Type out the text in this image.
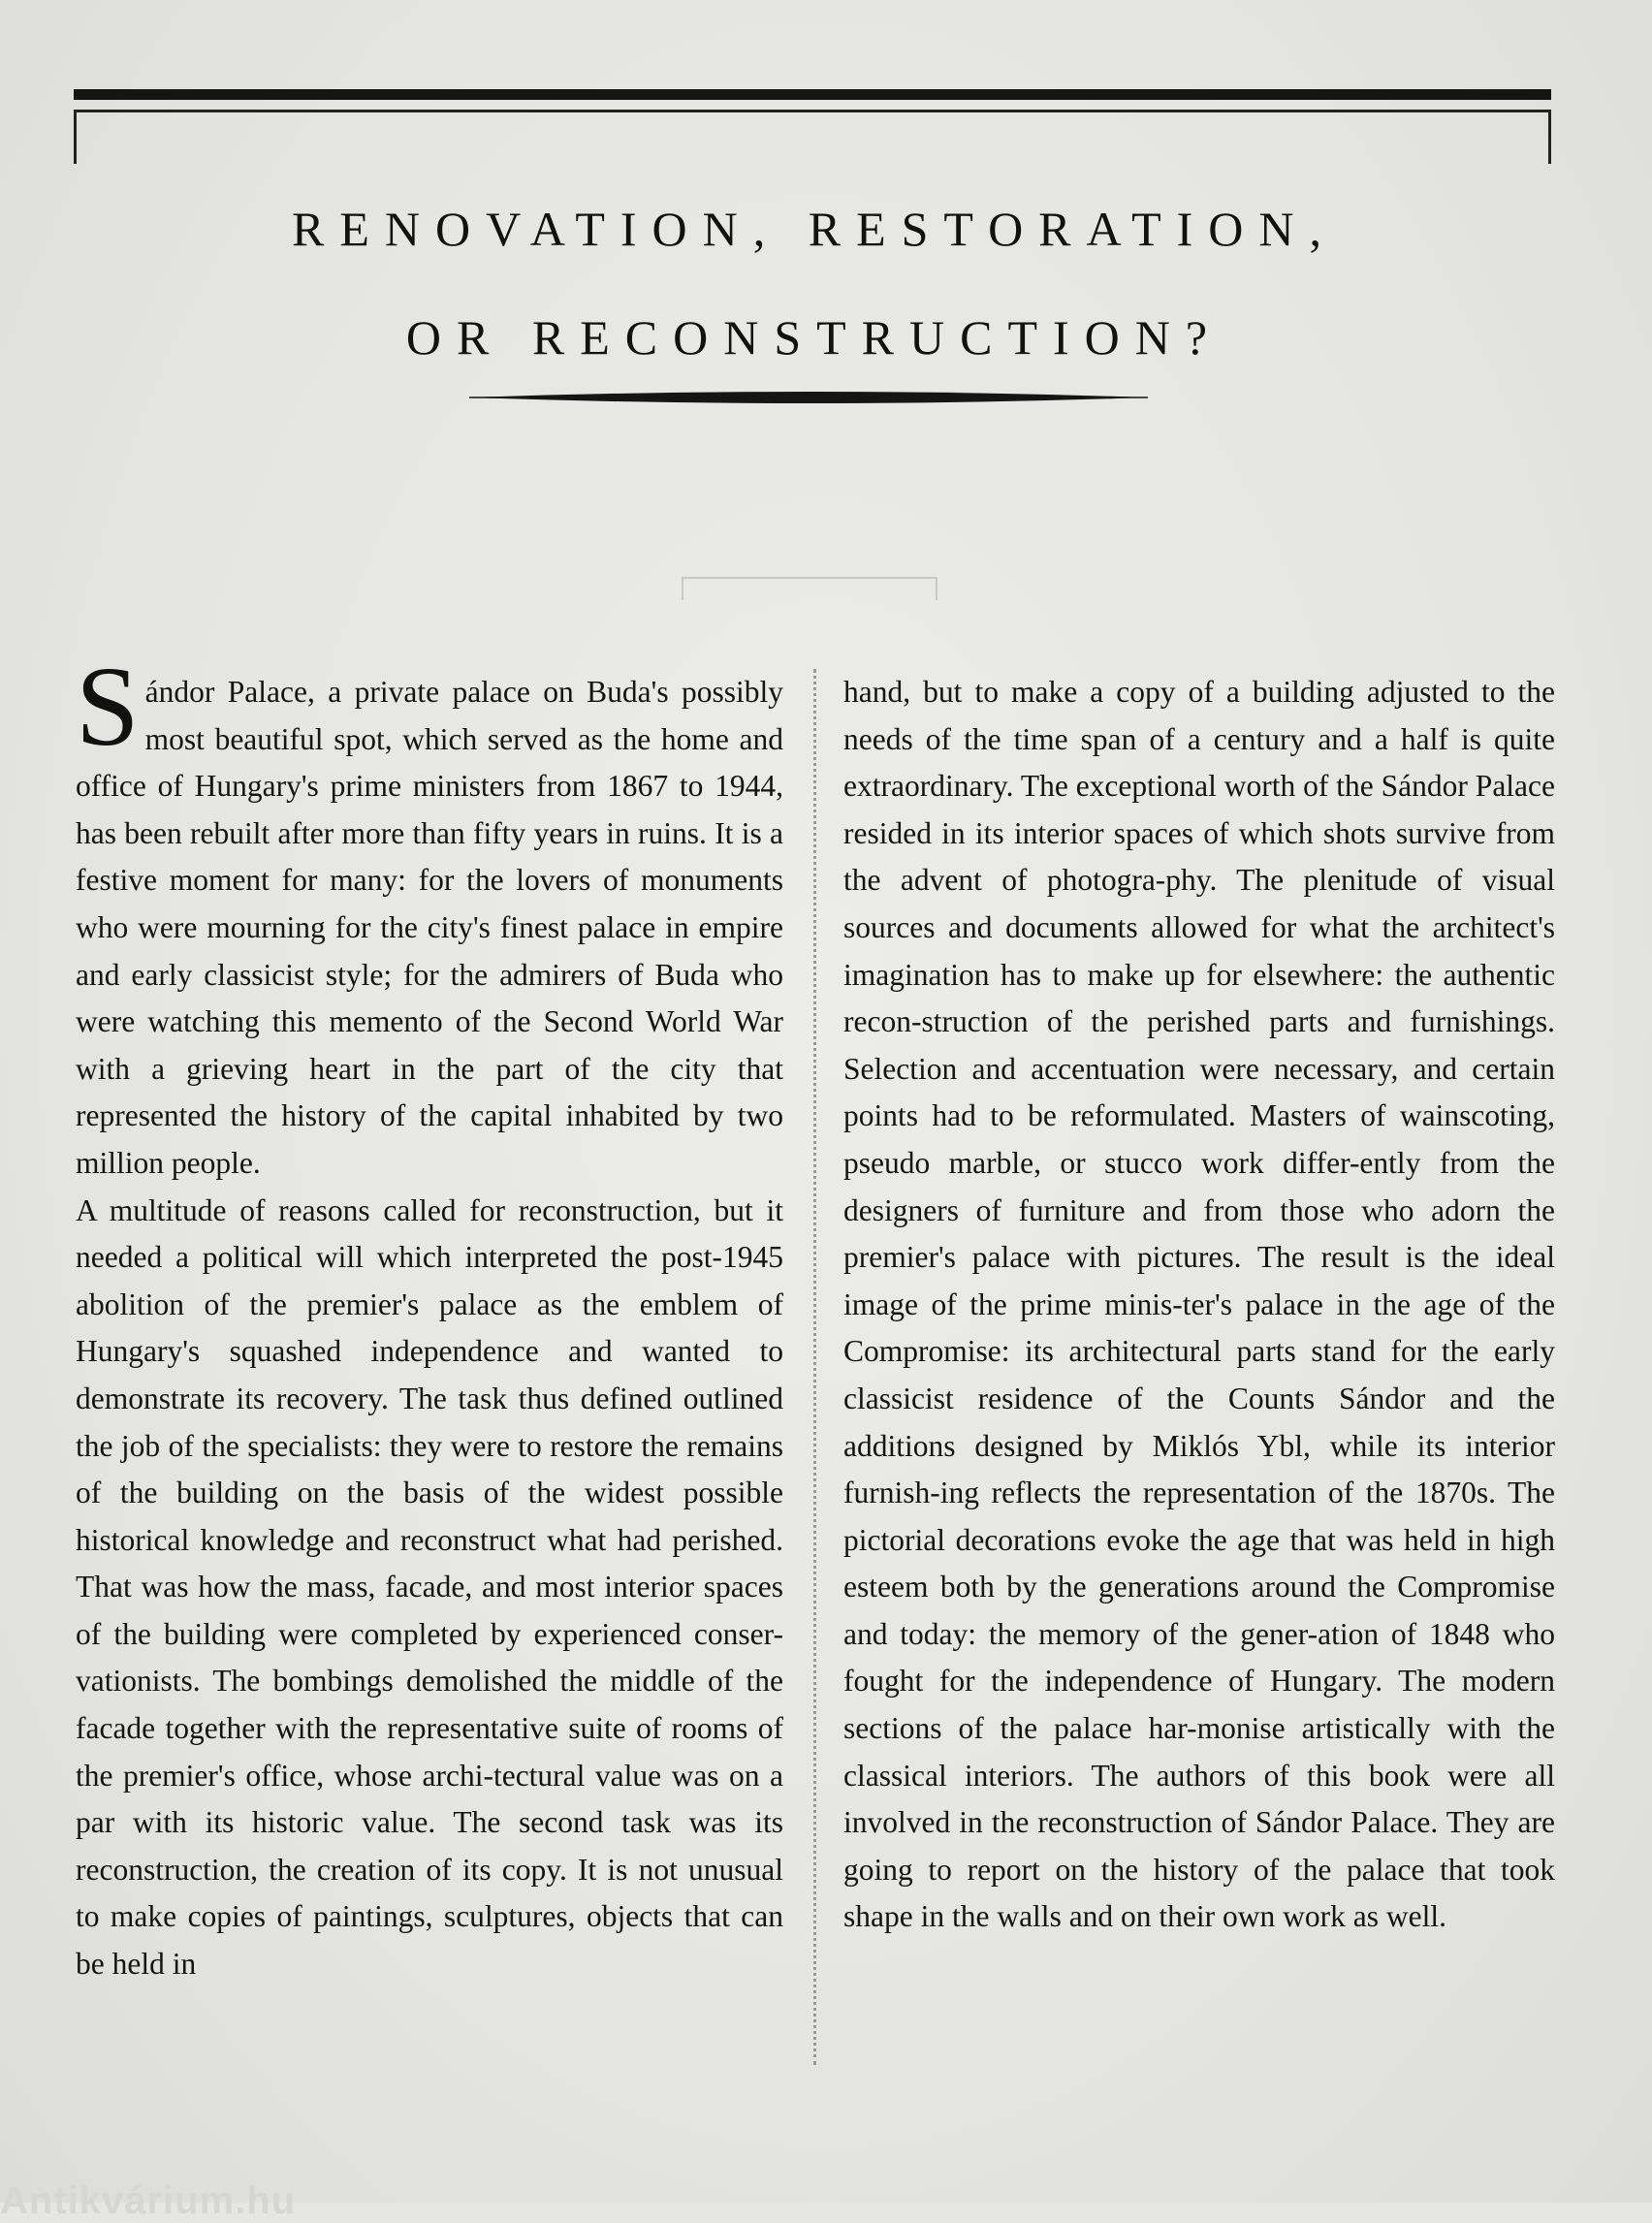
RENOVATION, RESTORATION,
OR RECONSTRUCTION?

Sándor Palace, a private palace on Buda's possibly most beautiful spot, which served as the home and office of Hungary's prime ministers from 1867 to 1944, has been rebuilt after more than fifty years in ruins. It is a festive moment for many: for the lovers of monuments who were mourning for the city's finest palace in empire and early classicist style; for the admirers of Buda who were watching this memento of the Second World War with a grieving heart in the part of the city that represented the history of the capital inhabited by two million people.

A multitude of reasons called for reconstruction, but it needed a political will which interpreted the post-1945 abolition of the premier's palace as the emblem of Hungary's squashed independence and wanted to demonstrate its recovery. The task thus defined outlined the job of the specialists: they were to restore the remains of the building on the basis of the widest possible historical knowledge and reconstruct what had perished. That was how the mass, facade, and most interior spaces of the building were completed by experienced conser-vationists. The bombings demolished the middle of the facade together with the representative suite of rooms of the premier's office, whose archi-tectural value was on a par with its historic value. The second task was its reconstruction, the creation of its copy. It is not unusual to make copies of paintings, sculptures, objects that can be held in

hand, but to make a copy of a building adjusted to the needs of the time span of a century and a half is quite extraordinary. The exceptional worth of the Sándor Palace resided in its interior spaces of which shots survive from the advent of photogra-phy. The plenitude of visual sources and documents allowed for what the architect's imagination has to make up for elsewhere: the authentic recon-struction of the perished parts and furnishings. Selection and accentuation were necessary, and certain points had to be reformulated. Masters of wainscoting, pseudo marble, or stucco work differ-ently from the designers of furniture and from those who adorn the premier's palace with pictures. The result is the ideal image of the prime minis-ter's palace in the age of the Compromise: its architectural parts stand for the early classicist residence of the Counts Sándor and the additions designed by Miklós Ybl, while its interior furnish-ing reflects the representation of the 1870s. The pictorial decorations evoke the age that was held in high esteem both by the generations around the Compromise and today: the memory of the gener-ation of 1848 who fought for the independence of Hungary. The modern sections of the palace har-monise artistically with the classical interiors. The authors of this book were all involved in the reconstruction of Sándor Palace. They are going to report on the history of the palace that took shape in the walls and on their own work as well.

Antikvárium.hu
